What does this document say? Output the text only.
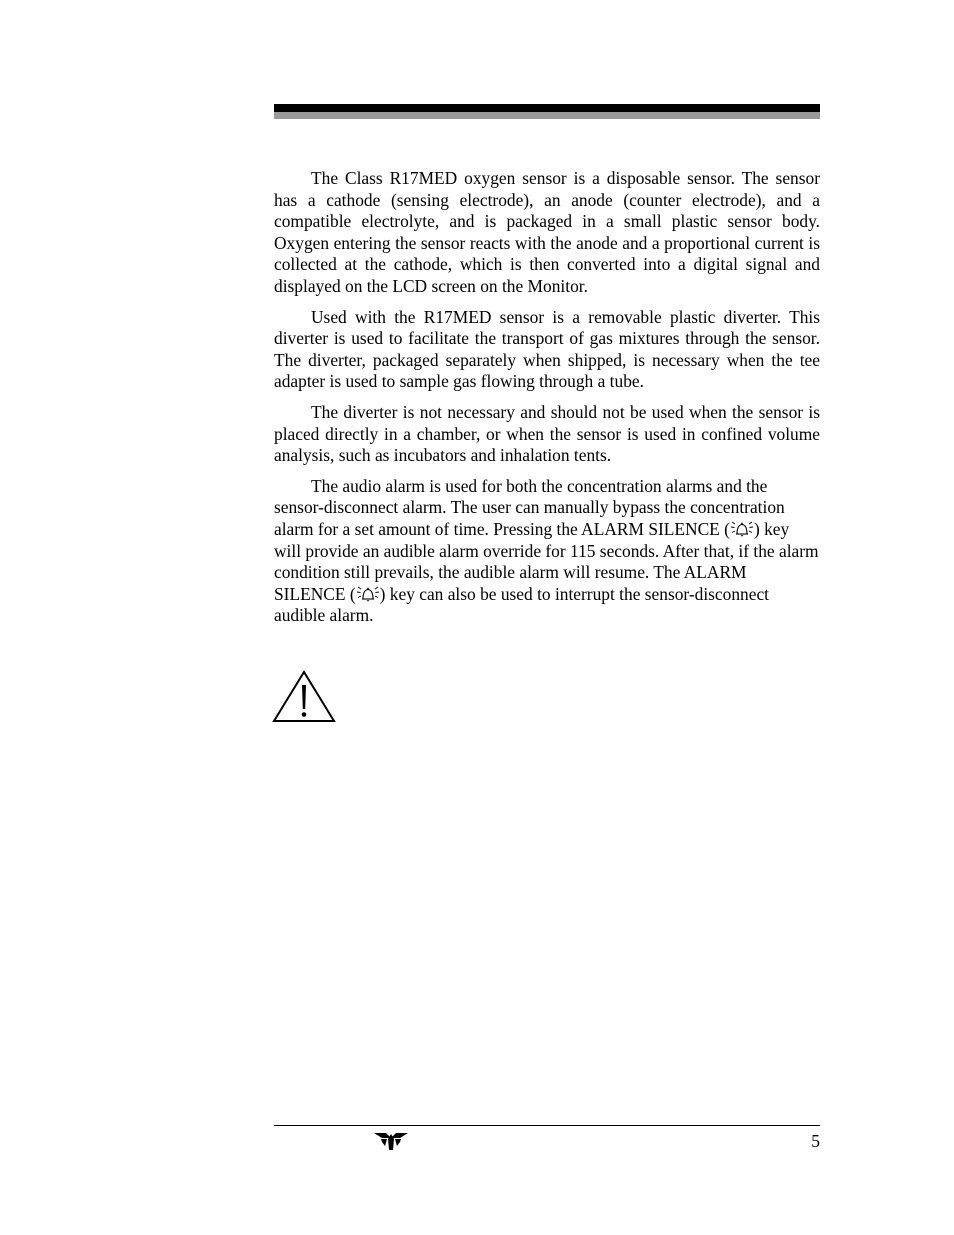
The Class R17MED oxygen sensor is a disposable sensor. The sensor has a cathode (sensing electrode), an anode (counter electrode), and a compatible electrolyte, and is packaged in a small plastic sensor body. Oxygen entering the sensor reacts with the anode and a proportional current is collected at the cathode, which is then converted into a digital signal and displayed on the LCD screen on the Monitor.

Used with the R17MED sensor is a removable plastic diverter. This diverter is used to facilitate the transport of gas mixtures through the sensor. The diverter, packaged separately when shipped, is necessary when the tee adapter is used to sample gas flowing through a tube.

The diverter is not necessary and should not be used when the sensor is placed directly in a chamber, or when the sensor is used in confined volume analysis, such as incubators and inhalation tents.

The audio alarm is used for both the concentration alarms and the sensor-disconnect alarm. The user can manually bypass the concentration alarm for a set amount of time. Pressing the ALARM SILENCE ( ) key will provide an audible alarm override for 115 seconds. After that, if the alarm condition still prevails, the audible alarm will resume. The ALARM SILENCE ( ) key can also be used to interrupt the sensor-disconnect audible alarm.

5
